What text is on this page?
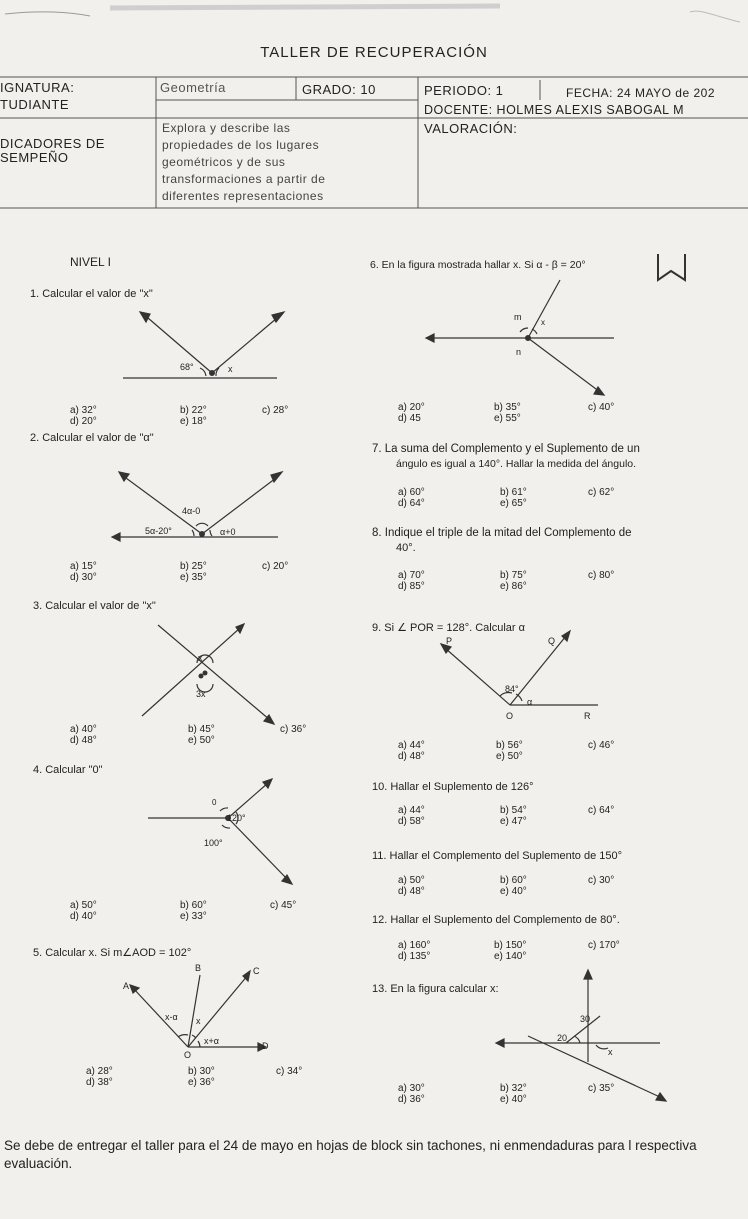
TALLER DE RECUPERACIÓN
IGNATURA:
TUDIANTE
Geometría	GRADO: 10	PERIODO: 1	FECHA: 24 MAYO de 202
DOCENTE: HOLMES ALEXIS SABOGAL M
DICADORES DE
SEMPEÑO
Explora y describe las
propiedades de los lugares
geométricos y de sus
transformaciones a partir de
diferentes representaciones
VALORACIÓN:
NIVEL I
1. Calcular el valor de "x"
68°	x
a) 32°	b) 22°	c) 28°
d) 20°	e) 18°
2. Calcular el valor de "α"
4α-0
5α-20°	α+0
a) 15°	b) 25°	c) 20°
d) 30°	e) 35°
3. Calcular el valor de "x"
x
3x
a) 40°	b) 45°	c) 36°
d) 48°	e) 50°
4. Calcular "0"
0
120°
100°
a) 50°	b) 60°	c) 45°
d) 40°	e) 33°
5. Calcular x. Si m∠AOD = 102°
B	C
A
x-α x
x+α	D
O
a) 28°	b) 30°	c) 34°
d) 38°	e) 36°
6. En la figura mostrada hallar x. Si α - β = 20°
m
x
n
a) 20°	b) 35°	c) 40°
d) 45	e) 55°
7. La suma del Complemento y el Suplemento de un
ángulo es igual a 140°. Hallar la medida del ángulo.
a) 60°	b) 61°	c) 62°
d) 64°	e) 65°
8. Indique el triple de la mitad del Complemento de
40°.
a) 70°	b) 75°	c) 80°
d) 85°	e) 86°
9. Si ∠ POR = 128°. Calcular α
P	Q
84°
α
O	R
a) 44°	b) 56°	c) 46°
d) 48°	e) 50°
10. Hallar el Suplemento de 126°
a) 44°	b) 54°	c) 64°
d) 58°	e) 47°
11. Hallar el Complemento del Suplemento de 150°
a) 50°	b) 60°	c) 30°
d) 48°	e) 40°
12. Hallar el Suplemento del Complemento de 80°.
a) 160°	b) 150°	c) 170°
d) 135°	e) 140°
13. En la figura calcular x:
30
20
x
a) 30°	b) 32°	c) 35°
d) 36°	e) 40°
Se debe de entregar el taller para el 24 de mayo en hojas de block sin tachones, ni enmendaduras para l respectiva evaluación.
